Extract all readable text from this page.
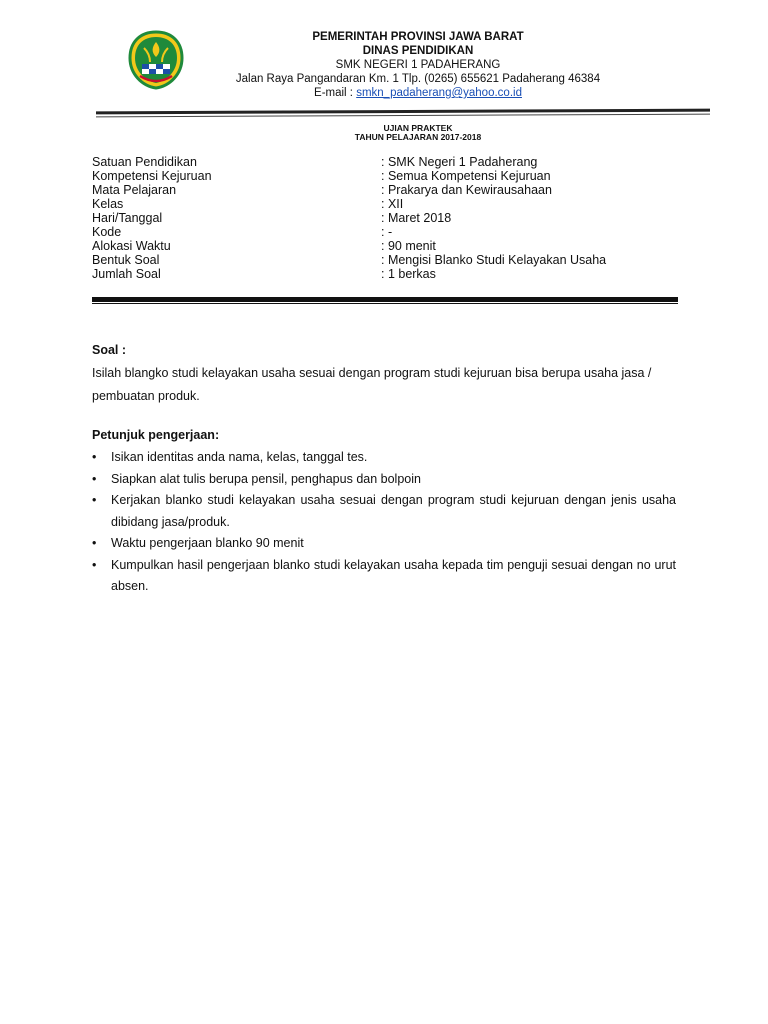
PEMERINTAH PROVINSI JAWA BARAT
DINAS PENDIDIKAN
SMK NEGERI 1 PADAHERANG
Jalan Raya Pangandaran Km. 1 Tlp. (0265) 655621 Padaherang 46384
E-mail : smkn_padaherang@yahoo.co.id
UJIAN PRAKTEK
TAHUN PELAJARAN 2017-2018
Satuan Pendidikan	: SMK Negeri 1 Padaherang
Kompetensi Kejuruan	: Semua Kompetensi Kejuruan
Mata Pelajaran	: Prakarya dan Kewirausahaan
Kelas	: XII
Hari/Tanggal	: Maret 2018
Kode	: -
Alokasi Waktu	: 90 menit
Bentuk Soal	: Mengisi Blanko Studi Kelayakan Usaha
Jumlah Soal	: 1 berkas
Soal :
Isilah blangko studi kelayakan usaha sesuai dengan program studi kejuruan bisa berupa usaha jasa / pembuatan produk.
Petunjuk pengerjaan:
• Isikan identitas anda nama, kelas, tanggal tes.
• Siapkan alat tulis berupa pensil, penghapus dan bolpoin
• Kerjakan blanko studi kelayakan usaha sesuai dengan program studi kejuruan dengan jenis usaha dibidang jasa/produk.
• Waktu pengerjaan blanko 90 menit
• Kumpulkan hasil pengerjaan blanko studi kelayakan usaha kepada tim penguji sesuai dengan no urut absen.
